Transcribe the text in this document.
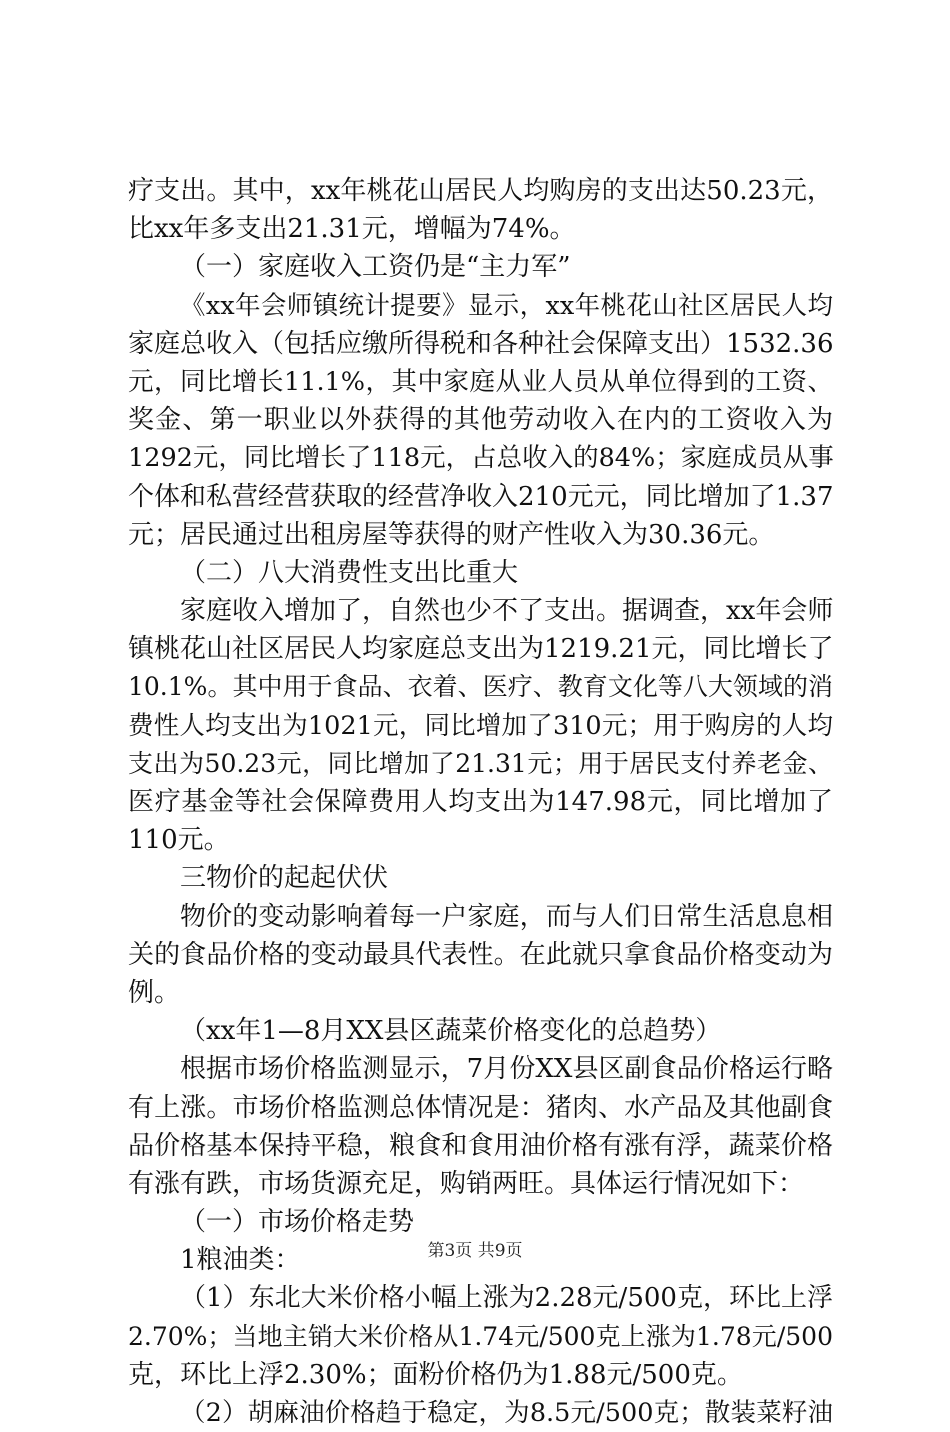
疗支出。其中，xx年桃花山居民人均购房的支出达50.23元，
比xx年多支出21.31元，增幅为74%。
（一）家庭收入工资仍是“主力军”
《xx年会师镇统计提要》显示，xx年桃花山社区居民人均
家庭总收入（包括应缴所得税和各种社会保障支出）1532.36
元，同比增长11.1%，其中家庭从业人员从单位得到的工资、
奖金、第一职业以外获得的其他劳动收入在内的工资收入为
1292元，同比增长了118元，占总收入的84%；家庭成员从事
个体和私营经营获取的经营净收入210元元，同比增加了1.37
元；居民通过出租房屋等获得的财产性收入为30.36元。
（二）八大消费性支出比重大
家庭收入增加了，自然也少不了支出。据调查，xx年会师
镇桃花山社区居民人均家庭总支出为1219.21元，同比增长了
10.1%。其中用于食品、衣着、医疗、教育文化等八大领域的消
费性人均支出为1021元，同比增加了310元；用于购房的人均
支出为50.23元，同比增加了21.31元；用于居民支付养老金、
医疗基金等社会保障费用人均支出为147.98元，同比增加了
110元。
三物价的起起伏伏
物价的变动影响着每一户家庭，而与人们日常生活息息相
关的食品价格的变动最具代表性。在此就只拿食品价格变动为
例。
（xx年1—8月XX县区蔬菜价格变化的总趋势）
根据市场价格监测显示，7月份XX县区副食品价格运行略
有上涨。市场价格监测总体情况是：猪肉、水产品及其他副食
品价格基本保持平稳，粮食和食用油价格有涨有浮，蔬菜价格
有涨有跌，市场货源充足，购销两旺。具体运行情况如下：
（一）市场价格走势
1粮油类：
（1）东北大米价格小幅上涨为2.28元/500克，环比上浮
2.70%；当地主销大米价格从1.74元/500克上涨为1.78元/500
克，环比上浮2.30%；面粉价格仍为1.88元/500克。
（2）胡麻油价格趋于稳定，为8.5元/500克；散装菜籽油
第3页 共9页
